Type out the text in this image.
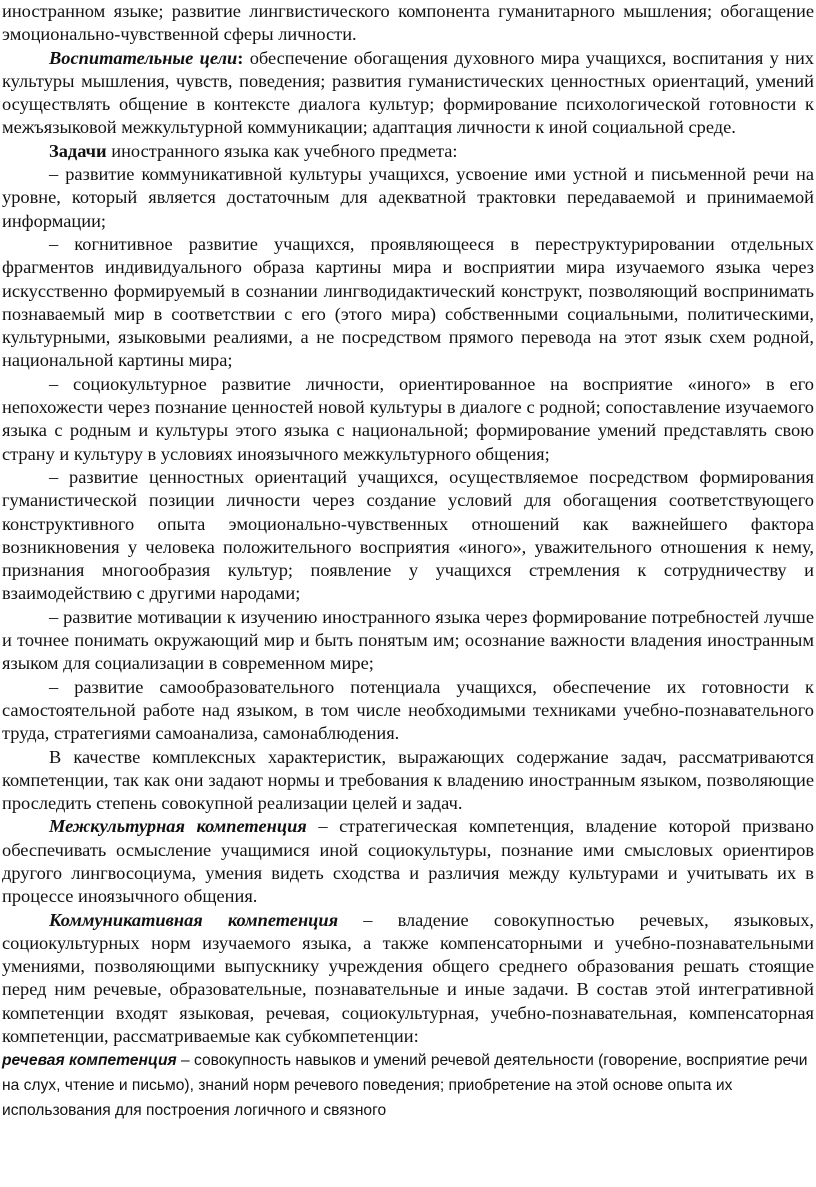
иностранном языке; развитие лингвистического компонента гуманитарного мышления; обогащение эмоционально-чувственной сферы личности.

Воспитательные цели: обеспечение обогащения духовного мира учащихся, воспитания у них культуры мышления, чувств, поведения; развития гуманистических ценностных ориентаций, умений осуществлять общение в контексте диалога культур; формирование психологической готовности к межъязыковой межкультурной коммуникации; адаптация личности к иной социальной среде.

Задачи иностранного языка как учебного предмета:

– развитие коммуникативной культуры учащихся, усвоение ими устной и письменной речи на уровне, который является достаточным для адекватной трактовки передаваемой и принимаемой информации;

– когнитивное развитие учащихся, проявляющееся в переструктурировании отдельных фрагментов индивидуального образа картины мира и восприятии мира изучаемого языка через искусственно формируемый в сознании лингводидактический конструкт, позволяющий воспринимать познаваемый мир в соответствии с его (этого мира) собственными социальными, политическими, культурными, языковыми реалиями, а не посредством прямого перевода на этот язык схем родной, национальной картины мира;

– социокультурное развитие личности, ориентированное на восприятие «иного» в его непохожести через познание ценностей новой культуры в диалоге с родной; сопоставление изучаемого языка с родным и культуры этого языка с национальной; формирование умений представлять свою страну и культуру в условиях иноязычного межкультурного общения;

– развитие ценностных ориентаций учащихся, осуществляемое посредством формирования гуманистической позиции личности через создание условий для обогащения соответствующего конструктивного опыта эмоционально-чувственных отношений как важнейшего фактора возникновения у человека положительного восприятия «иного», уважительного отношения к нему, признания многообразия культур; появление у учащихся стремления к сотрудничеству и взаимодействию с другими народами;

– развитие мотивации к изучению иностранного языка через формирование потребностей лучше и точнее понимать окружающий мир и быть понятым им; осознание важности владения иностранным языком для социализации в современном мире;

– развитие самообразовательного потенциала учащихся, обеспечение их готовности к самостоятельной работе над языком, в том числе необходимыми техниками учебно-познавательного труда, стратегиями самоанализа, самонаблюдения.

В качестве комплексных характеристик, выражающих содержание задач, рассматриваются компетенции, так как они задают нормы и требования к владению иностранным языком, позволяющие проследить степень совокупной реализации целей и задач.

Межкультурная компетенция – стратегическая компетенция, владение которой призвано обеспечивать осмысление учащимися иной социокультуры, познание ими смысловых ориентиров другого лингвосоциума, умения видеть сходства и различия между культурами и учитывать их в процессе иноязычного общения.

Коммуникативная компетенция – владение совокупностью речевых, языковых, социокультурных норм изучаемого языка, а также компенсаторными и учебно-познавательными умениями, позволяющими выпускнику учреждения общего среднего образования решать стоящие перед ним речевые, образовательные, познавательные и иные задачи. В состав этой интегративной компетенции входят языковая, речевая, социокультурная, учебно-познавательная, компенсаторная компетенции, рассматриваемые как субкомпетенции:

речевая компетенция – совокупность навыков и умений речевой деятельности (говорение, восприятие речи на слух, чтение и письмо), знаний норм речевого поведения; приобретение на этой основе опыта их использования для построения логичного и связного
